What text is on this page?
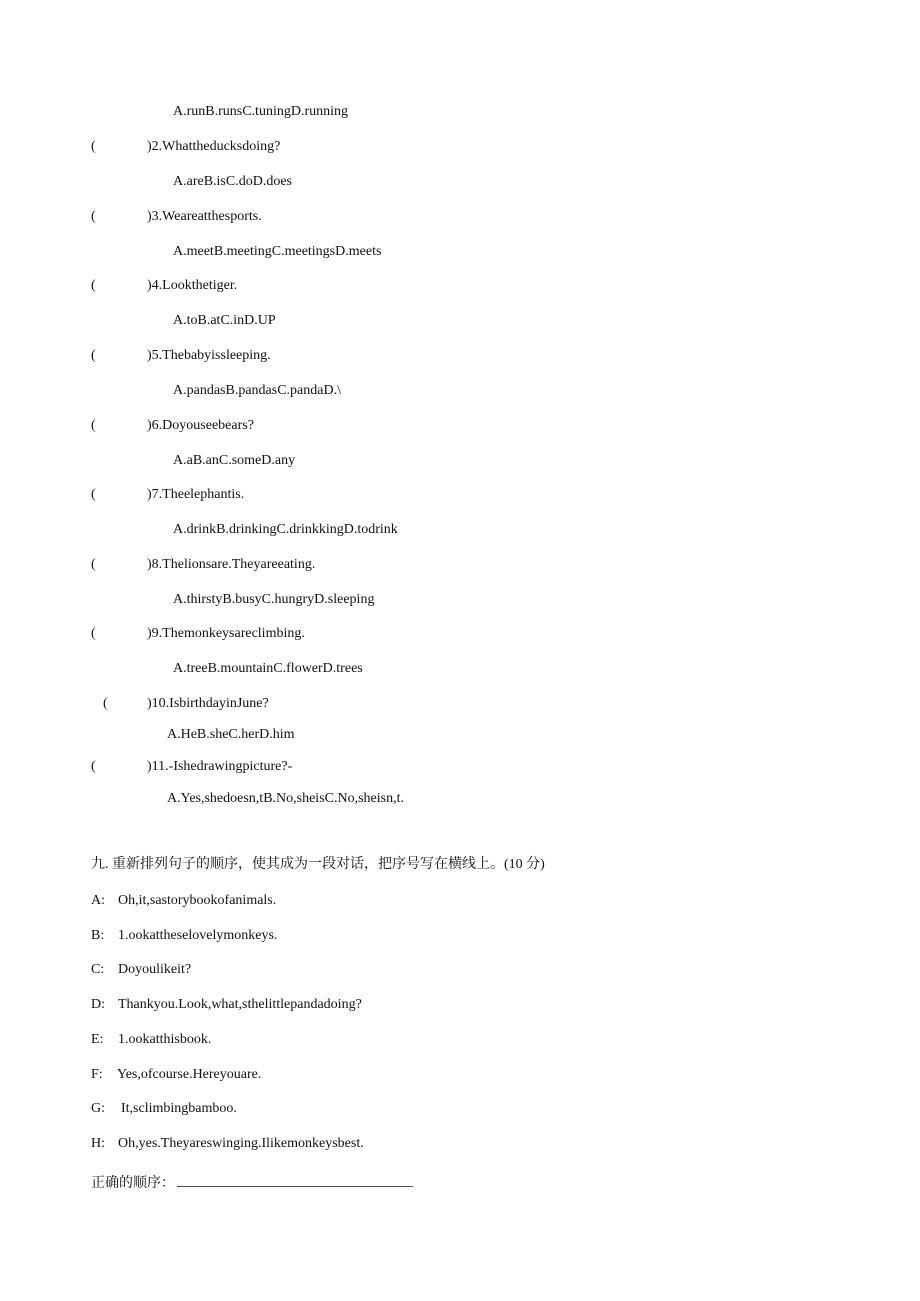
A.runB.runsC.tuningD.running
(	)2.Whattheducksdoing?
A.areB.isC.doD.does
(	)3.Weareatthesports.
A.meetB.meetingC.meetingsD.meets
(	)4.Lookthetiger.
A.toB.atC.inD.UP
(	)5.Thebabyissleeping.
A.pandasB.pandasC.pandaD.\
(	)6.Doyouseebears?
A.aB.anC.someD.any
(	)7.Theelephantis.
A.drinkB.drinkingC.drinkkingD.todrink
(	)8.Thelionsare.Theyareeating.
A.thirstyB.busyC.hungryD.sleeping
(	)9.Themonkeysareclimbing.
A.treeB.mountainC.flowerD.trees
(	)10.IsbirthdayinJune?
A.HeB.sheC.herD.him
(	)11.-Ishedrawingpicture?-
A.Yes,shedoesn,tB.No,sheisC.No,sheisn,t.
九. 重新排列句子的顺序，使其成为一段对话，把序号写在横线上。(10 分)
A: Oh,it,sastorybookofanimals.
B: 1.ookattheselovelymonkeys.
C: Doyoulikeit?
D: Thankyou.Look,what,sthelittlepandadoing?
E: 1.ookatthisbook.
F: Yes,ofcourse.Hereyouare.
G: It,sclimbingbamboo.
H: Oh,yes.Theyareswinging.Ilikemonkeysbest.
正确的顺序：
